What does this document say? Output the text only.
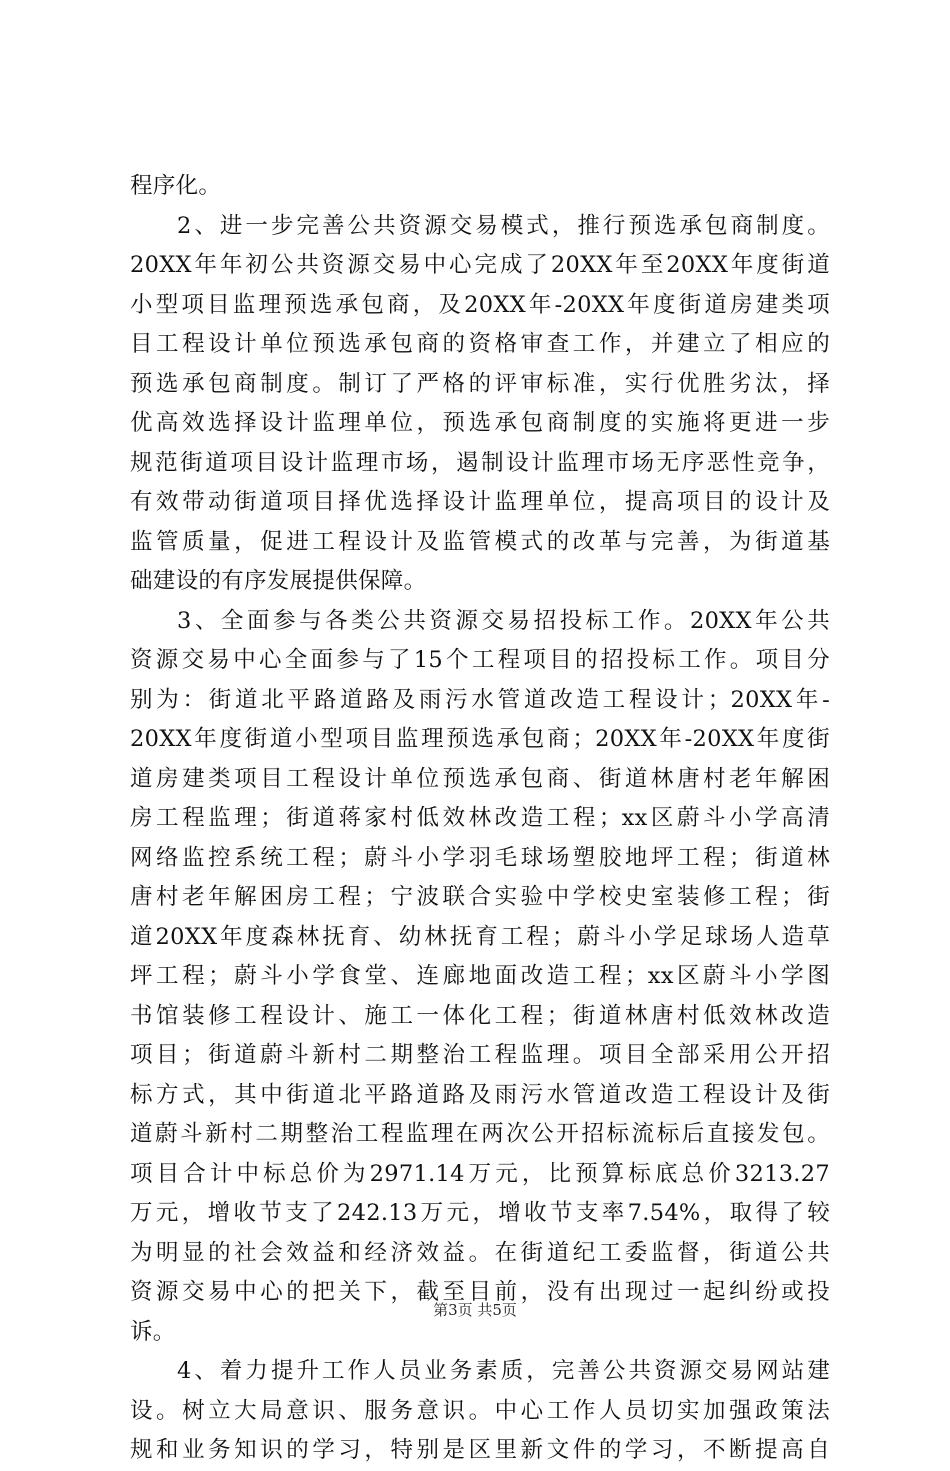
程序化。
2、进一步完善公共资源交易模式，推行预选承包商制度。
20XX年年初公共资源交易中心完成了20XX年至20XX年度街道
小型项目监理预选承包商，及20XX年-20XX年度街道房建类项
目工程设计单位预选承包商的资格审查工作，并建立了相应的
预选承包商制度。制订了严格的评审标准，实行优胜劣汰，择
优高效选择设计监理单位，预选承包商制度的实施将更进一步
规范街道项目设计监理市场，遏制设计监理市场无序恶性竞争，
有效带动街道项目择优选择设计监理单位，提高项目的设计及
监管质量，促进工程设计及监管模式的改革与完善，为街道基
础建设的有序发展提供保障。
3、全面参与各类公共资源交易招投标工作。20XX年公共
资源交易中心全面参与了15个工程项目的招投标工作。项目分
别为：街道北平路道路及雨污水管道改造工程设计；20XX年-
20XX年度街道小型项目监理预选承包商；20XX年-20XX年度街
道房建类项目工程设计单位预选承包商、街道林唐村老年解困
房工程监理；街道蒋家村低效林改造工程；xx区蔚斗小学高清
网络监控系统工程；蔚斗小学羽毛球场塑胶地坪工程；街道林
唐村老年解困房工程；宁波联合实验中学校史室装修工程；街
道20XX年度森林抚育、幼林抚育工程；蔚斗小学足球场人造草
坪工程；蔚斗小学食堂、连廊地面改造工程；xx区蔚斗小学图
书馆装修工程设计、施工一体化工程；街道林唐村低效林改造
项目；街道蔚斗新村二期整治工程监理。项目全部采用公开招
标方式，其中街道北平路道路及雨污水管道改造工程设计及街
道蔚斗新村二期整治工程监理在两次公开招标流标后直接发包。
项目合计中标总价为2971.14万元，比预算标底总价3213.27
万元，增收节支了242.13万元，增收节支率7.54%，取得了较
为明显的社会效益和经济效益。在街道纪工委监督，街道公共
资源交易中心的把关下，截至目前，没有出现过一起纠纷或投
诉。
4、着力提升工作人员业务素质，完善公共资源交易网站建
设。树立大局意识、服务意识。中心工作人员切实加强政策法
规和业务知识的学习，特别是区里新文件的学习，不断提高自
第3页 共5页
